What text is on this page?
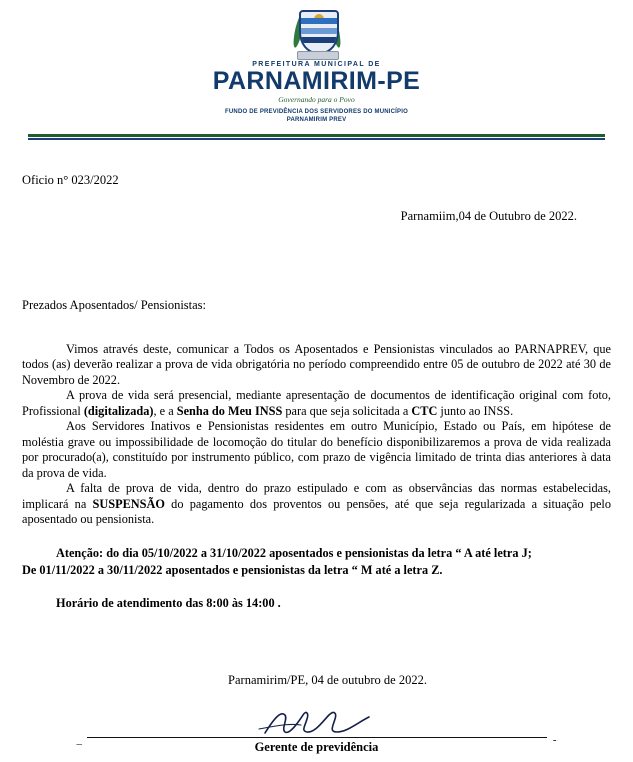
PREFEITURA MUNICIPAL DE
PARNAMIRIM-PE
Governando para o Povo
FUNDO DE PREVIDÊNCIA DOS SERVIDORES DO MUNICÍPIO
PARNAMIRIM PREV
Oficio n° 023/2022
Parnamiim,04 de Outubro de 2022.
Prezados Aposentados/ Pensionistas:

Vimos através deste, comunicar a Todos os Aposentados e Pensionistas vinculados ao PARNAPREV, que todos (as) deverão realizar a prova de vida obrigatória no período compreendido entre 05 de outubro de 2022 até 30 de Novembro de 2022.

A prova de vida será presencial, mediante apresentação de documentos de identificação original com foto, Profissional (digitalizada), e a Senha do Meu INSS para que seja solicitada a CTC junto ao INSS.

Aos Servidores Inativos e Pensionistas residentes em outro Município, Estado ou País, em hipótese de moléstia grave ou impossibilidade de locomoção do titular do benefício disponibilizaremos a prova de vida realizada por procurado(a), constituído por instrumento público, com prazo de vigência limitado de trinta dias anteriores à data da prova de vida.

A falta de prova de vida, dentro do prazo estipulado e com as observâncias das normas estabelecidas, implicará na SUSPENSÃO do pagamento dos proventos ou pensões, até que seja regularizada a situação pelo aposentado ou pensionista.

Atenção: do dia 05/10/2022 a 31/10/2022 aposentados e pensionistas da letra “ A até letra J;
De 01/11/2022 a 30/11/2022 aposentados e pensionistas da letra “ M até a letra Z.
Horário de atendimento das 8:00 às 14:00 .
Parnamirim/PE, 04 de outubro de 2022.
_	-
Gerente de previdência
